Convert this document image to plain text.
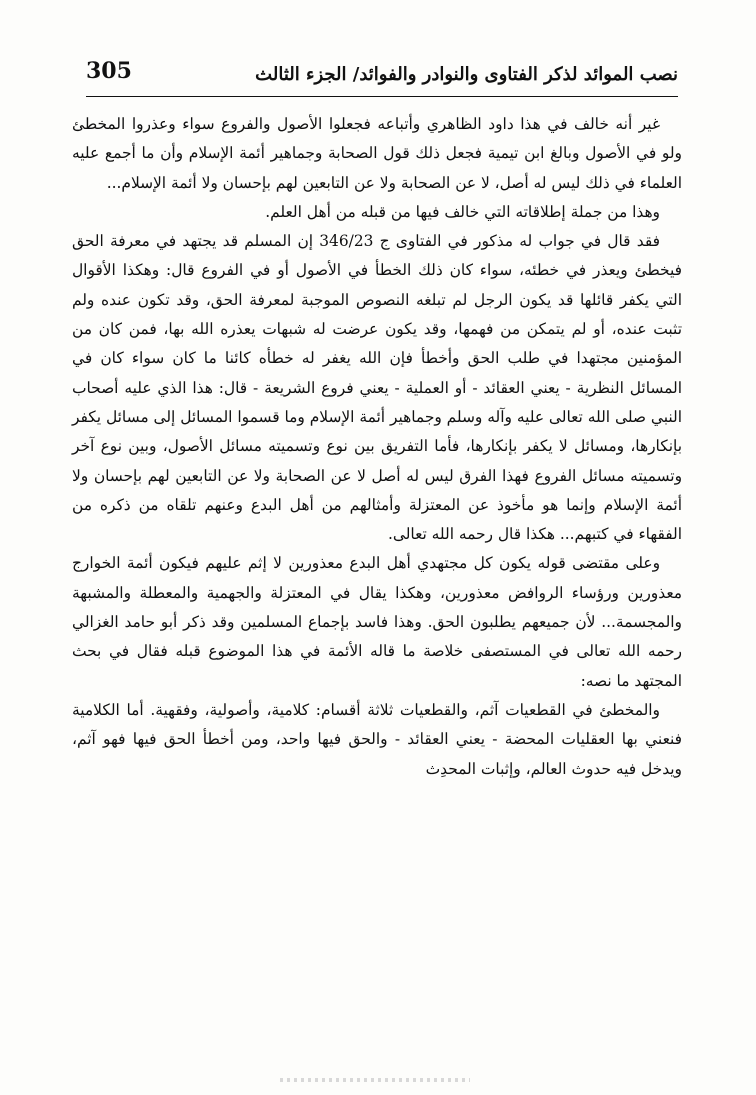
نصب الموائد لذكر الفتاوى والنوادر والفوائد/ الجزء الثالث
305

غير أنه خالف في هذا داود الظاهري وأتباعه فجعلوا الأصول والفروع سواء وعذروا المخطئ ولو في الأصول وبالغ ابن تيمية فجعل ذلك قول الصحابة وجماهير أئمة الإسلام وأن ما أجمع عليه العلماء في ذلك ليس له أصل، لا عن الصحابة ولا عن التابعين لهم بإحسان ولا أئمة الإسلام...

وهذا من جملة إطلاقاته التي خالف فيها من قبله من أهل العلم.

فقد قال في جواب له مذكور في الفتاوى ج 346/23 إن المسلم قد يجتهد في معرفة الحق فيخطئ ويعذر في خطئه، سواء كان ذلك الخطأ في الأصول أو في الفروع قال: وهكذا الأقوال التي يكفر قائلها قد يكون الرجل لم تبلغه النصوص الموجبة لمعرفة الحق، وقد تكون عنده ولم تثبت عنده، أو لم يتمكن من فهمها، وقد يكون عرضت له شبهات يعذره الله بها، فمن كان من المؤمنين مجتهدا في طلب الحق وأخطأ فإن الله يغفر له خطأه كائنا ما كان سواء كان في المسائل النظرية - يعني العقائد - أو العملية - يعني فروع الشريعة - قال: هذا الذي عليه أصحاب النبي صلى الله تعالى عليه وآله وسلم وجماهير أئمة الإسلام وما قسموا المسائل إلى مسائل يكفر بإنكارها، ومسائل لا يكفر بإنكارها، فأما التفريق بين نوع وتسميته مسائل الأصول، وبين نوع آخر وتسميته مسائل الفروع فهذا الفرق ليس له أصل لا عن الصحابة ولا عن التابعين لهم بإحسان ولا أئمة الإسلام وإنما هو مأخوذ عن المعتزلة وأمثالهم من أهل البدع وعنهم تلقاه من ذكره من الفقهاء في كتبهم... هكذا قال رحمه الله تعالى.

وعلى مقتضى قوله يكون كل مجتهدي أهل البدع معذورين لا إثم عليهم فيكون أئمة الخوارج معذورين ورؤساء الروافض معذورين، وهكذا يقال في المعتزلة والجهمية والمعطلة والمشبهة والمجسمة... لأن جميعهم يطلبون الحق. وهذا فاسد بإجماع المسلمين وقد ذكر أبو حامد الغزالي رحمه الله تعالى في المستصفى خلاصة ما قاله الأئمة في هذا الموضوع قبله فقال في بحث المجتهد ما نصه:

والمخطئ في القطعيات آثم، والقطعيات ثلاثة أقسام: كلامية، وأصولية، وفقهية. أما الكلامية فنعني بها العقليات المحضة - يعني العقائد - والحق فيها واحد، ومن أخطأ الحق فيها فهو آثم، ويدخل فيه حدوث العالم، وإثبات المحدِث
